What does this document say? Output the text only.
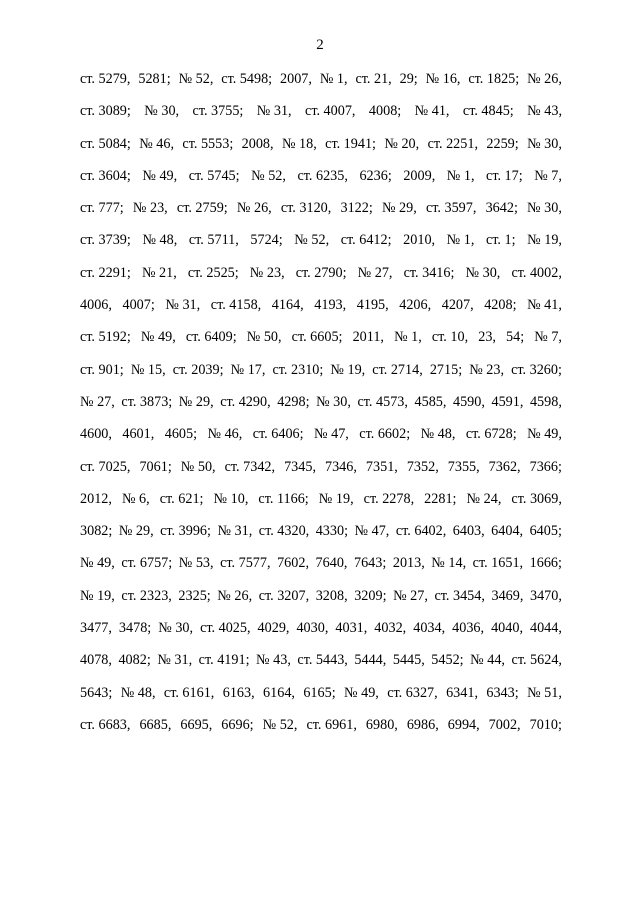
2
ст. 5279, 5281; № 52, ст. 5498; 2007, № 1, ст. 21, 29; № 16, ст. 1825; № 26,
ст. 3089; № 30, ст. 3755; № 31, ст. 4007, 4008; № 41, ст. 4845; № 43,
ст. 5084; № 46, ст. 5553; 2008, № 18, ст. 1941; № 20, ст. 2251, 2259; № 30,
ст. 3604; № 49, ст. 5745; № 52, ст. 6235, 6236; 2009, № 1, ст. 17; № 7,
ст. 777; № 23, ст. 2759; № 26, ст. 3120, 3122; № 29, ст. 3597, 3642; № 30,
ст. 3739; № 48, ст. 5711, 5724; № 52, ст. 6412; 2010, № 1, ст. 1; № 19,
ст. 2291; № 21, ст. 2525; № 23, ст. 2790; № 27, ст. 3416; № 30, ст. 4002,
4006, 4007; № 31, ст. 4158, 4164, 4193, 4195, 4206, 4207, 4208; № 41,
ст. 5192; № 49, ст. 6409; № 50, ст. 6605; 2011, № 1, ст. 10, 23, 54; № 7,
ст. 901; № 15, ст. 2039; № 17, ст. 2310; № 19, ст. 2714, 2715; № 23, ст. 3260;
№ 27, ст. 3873; № 29, ст. 4290, 4298; № 30, ст. 4573, 4585, 4590, 4591, 4598,
4600, 4601, 4605; № 46, ст. 6406; № 47, ст. 6602; № 48, ст. 6728; № 49,
ст. 7025, 7061; № 50, ст. 7342, 7345, 7346, 7351, 7352, 7355, 7362, 7366;
2012, № 6, ст. 621; № 10, ст. 1166; № 19, ст. 2278, 2281; № 24, ст. 3069,
3082; № 29, ст. 3996; № 31, ст. 4320, 4330; № 47, ст. 6402, 6403, 6404, 6405;
№ 49, ст. 6757; № 53, ст. 7577, 7602, 7640, 7643; 2013, № 14, ст. 1651, 1666;
№ 19, ст. 2323, 2325; № 26, ст. 3207, 3208, 3209; № 27, ст. 3454, 3469, 3470,
3477, 3478; № 30, ст. 4025, 4029, 4030, 4031, 4032, 4034, 4036, 4040, 4044,
4078, 4082; № 31, ст. 4191; № 43, ст. 5443, 5444, 5445, 5452; № 44, ст. 5624,
5643; № 48, ст. 6161, 6163, 6164, 6165; № 49, ст. 6327, 6341, 6343; № 51,
ст. 6683, 6685, 6695, 6696; № 52, ст. 6961, 6980, 6986, 6994, 7002, 7010;
